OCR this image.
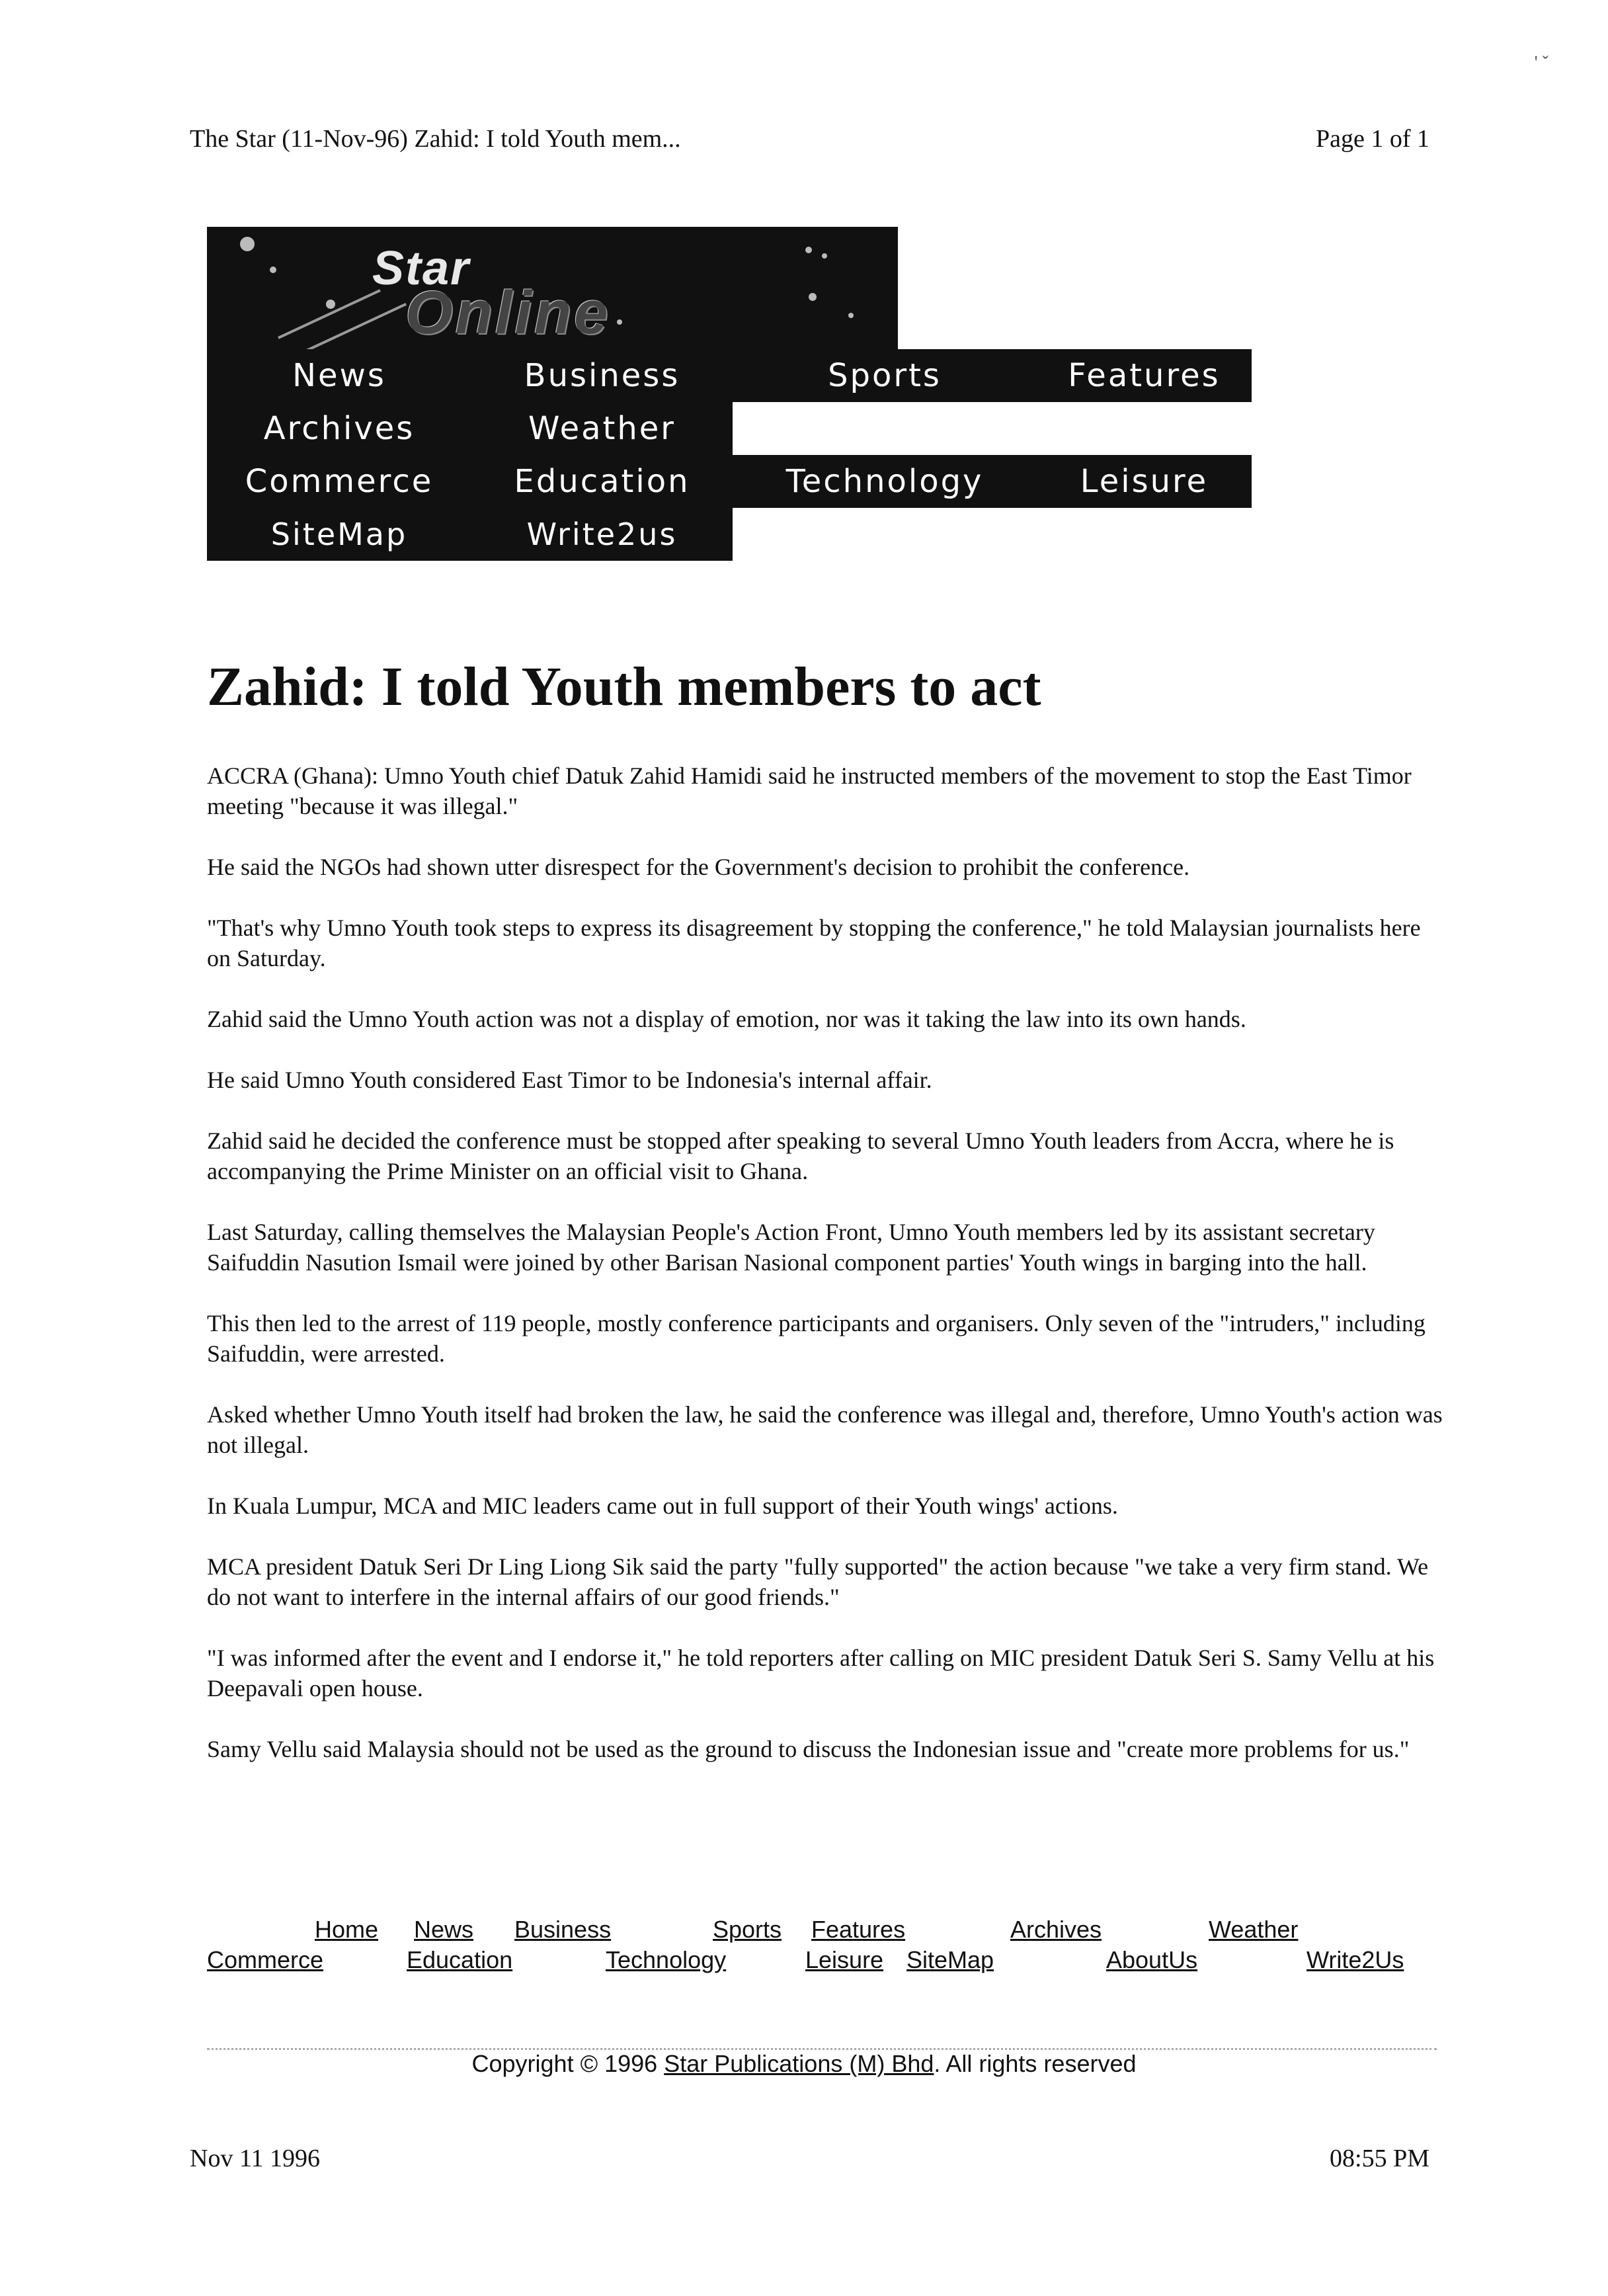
The Star (11-Nov-96) Zahid: I told Youth mem...	Page 1 of 1
' ˇ
Star
Online
News	Business	Sports	Features
Archives	Weather
Commerce	Education	Technology	Leisure
SiteMap	Write2us
Zahid: I told Youth members to act

ACCRA (Ghana): Umno Youth chief Datuk Zahid Hamidi said he instructed members of the movement to stop the East Timor meeting "because it was illegal."

He said the NGOs had shown utter disrespect for the Government's decision to prohibit the conference.

"That's why Umno Youth took steps to express its disagreement by stopping the conference," he told Malaysian journalists here on Saturday.

Zahid said the Umno Youth action was not a display of emotion, nor was it taking the law into its own hands.

He said Umno Youth considered East Timor to be Indonesia's internal affair.

Zahid said he decided the conference must be stopped after speaking to several Umno Youth leaders from Accra, where he is accompanying the Prime Minister on an official visit to Ghana.

Last Saturday, calling themselves the Malaysian People's Action Front, Umno Youth members led by its assistant secretary Saifuddin Nasution Ismail were joined by other Barisan Nasional component parties' Youth wings in barging into the hall.

This then led to the arrest of 119 people, mostly conference participants and organisers. Only seven of the "intruders," including Saifuddin, were arrested.

Asked whether Umno Youth itself had broken the law, he said the conference was illegal and, therefore, Umno Youth's action was not illegal.

In Kuala Lumpur, MCA and MIC leaders came out in full support of their Youth wings' actions.

MCA president Datuk Seri Dr Ling Liong Sik said the party "fully supported" the action because "we take a very firm stand. We do not want to interfere in the internal affairs of our good friends."

"I was informed after the event and I endorse it," he told reporters after calling on MIC president Datuk Seri S. Samy Vellu at his Deepavali open house.

Samy Vellu said Malaysia should not be used as the ground to discuss the Indonesian issue and "create more problems for us."

Home News Business	Sports Features	Archives	Weather
Commerce	Education	Technology	Leisure SiteMap	AboutUs	Write2Us
Copyright © 1996 Star Publications (M) Bhd. All rights reserved
Nov 11 1996	08:55 PM
